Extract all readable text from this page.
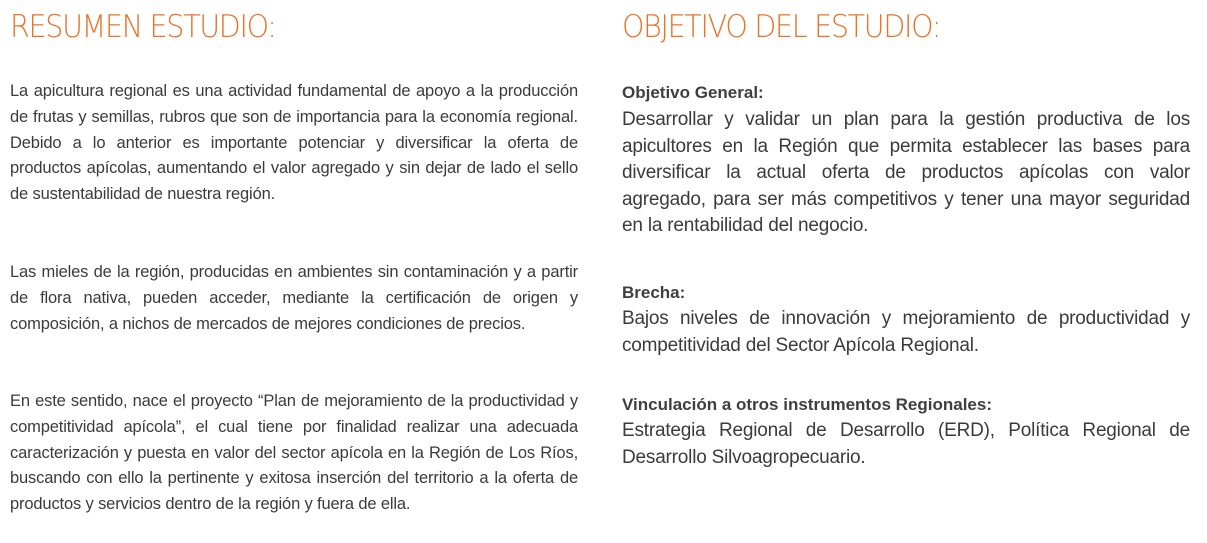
RESUMEN ESTUDIO:

La apicultura regional es una actividad fundamental de apoyo a la producción de frutas y semillas, rubros que son de importancia para la economía regional. Debido a lo anterior es importante potenciar y diversificar la oferta de productos apícolas, aumentando el valor agregado y sin dejar de lado el sello de sustentabilidad de nuestra región.

Las mieles de la región, producidas en ambientes sin contaminación y a partir de flora nativa, pueden acceder, mediante la certificación de origen y composición, a nichos de mercados de mejores condiciones de precios.

En este sentido, nace el proyecto “Plan de mejoramiento de la productividad y competitividad apícola”, el cual tiene por finalidad realizar una adecuada caracterización y puesta en valor del sector apícola en la Región de Los Ríos, buscando con ello la pertinente y exitosa inserción del territorio a la oferta de productos y servicios dentro de la región y fuera de ella.

OBJETIVO DEL ESTUDIO:
Objetivo General:

Desarrollar y validar un plan para la gestión productiva de los apicultores en la Región que permita establecer las bases para diversificar la actual oferta de productos apícolas con valor agregado, para ser más competitivos y tener una mayor seguridad en la rentabilidad del negocio.

Brecha:

Bajos niveles de innovación y mejoramiento de productividad y competitividad del Sector Apícola Regional.

Vinculación a otros instrumentos Regionales:

Estrategia Regional de Desarrollo (ERD), Política Regional de Desarrollo Silvoagropecuario.
